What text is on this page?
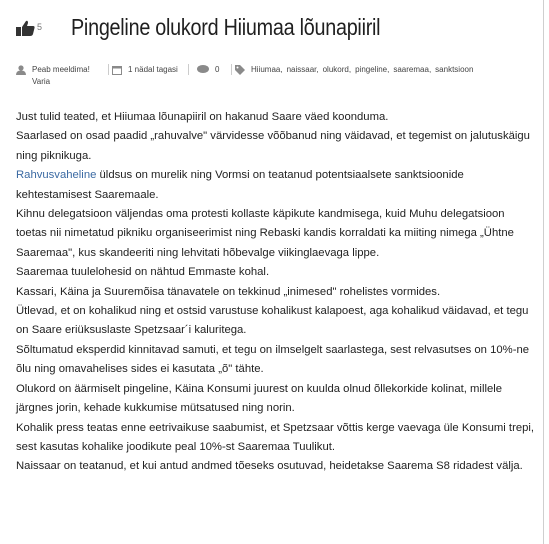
5 Pingeline olukord Hiiumaa lõunapiiril
Peab meeldima!	1 nädal tagasi	0	Hiiumaa , naissaar , olukord , pingeline , saaremaa , sanktsioon
Varia

Just tulid teated, et Hiiumaa lõunapiiril on hakanud Saare väed koonduma.

Saarlased on osad paadid „rahuvalve" värvidesse võõbanud ning väidavad, et tegemist on jalutuskäigu ning piknikuga.

Rahvusvaheline üldsus on murelik ning Vormsi on teatanud potentsiaalsete sanktsioonide kehtestamisest Saaremaale.

Kihnu delegatsioon väljendas oma protesti kollaste käpikute kandmisega, kuid Muhu delegatsioon toetas nii nimetatud pikniku organiseerimist ning Rebaski kandis korraldati ka miiting nimega „Ühtne Saaremaa", kus skandeeriti ning lehvitati hõbevalge viikinglaevaga lippe.

Saaremaa tuulelohesid on nähtud Emmaste kohal.

Kassari, Käina ja Suuremõisa tänavatele on tekkinud „inimesed" rohelistes vormides.

Ütlevad, et on kohalikud ning et ostsid varustuse kohalikust kalapoest, aga kohalikud väidavad, et tegu on Saare eriüksuslaste Spetzsaar´i kaluritega.

Sõltumatud eksperdid kinnitavad samuti, et tegu on ilmselgelt saarlastega, sest relvasutses on 10%-ne õlu ning omavahelises sides ei kasutata „õ" tähte.

Olukord on äärmiselt pingeline, Käina Konsumi juurest on kuulda olnud õllekorkide kolinat, millele järgnes jorin, kehade kukkumise mütsatused ning norin.

Kohalik press teatas enne eetrivaikuse saabumist, et Spetzsaar võttis kerge vaevaga üle Konsumi trepi, sest kasutas kohalike joodikute peal 10%-st Saaremaa Tuulikut.

Naissaar on teatanud, et kui antud andmed tõeseks osutuvad, heidetakse Saarema S8 ridadest välja.
